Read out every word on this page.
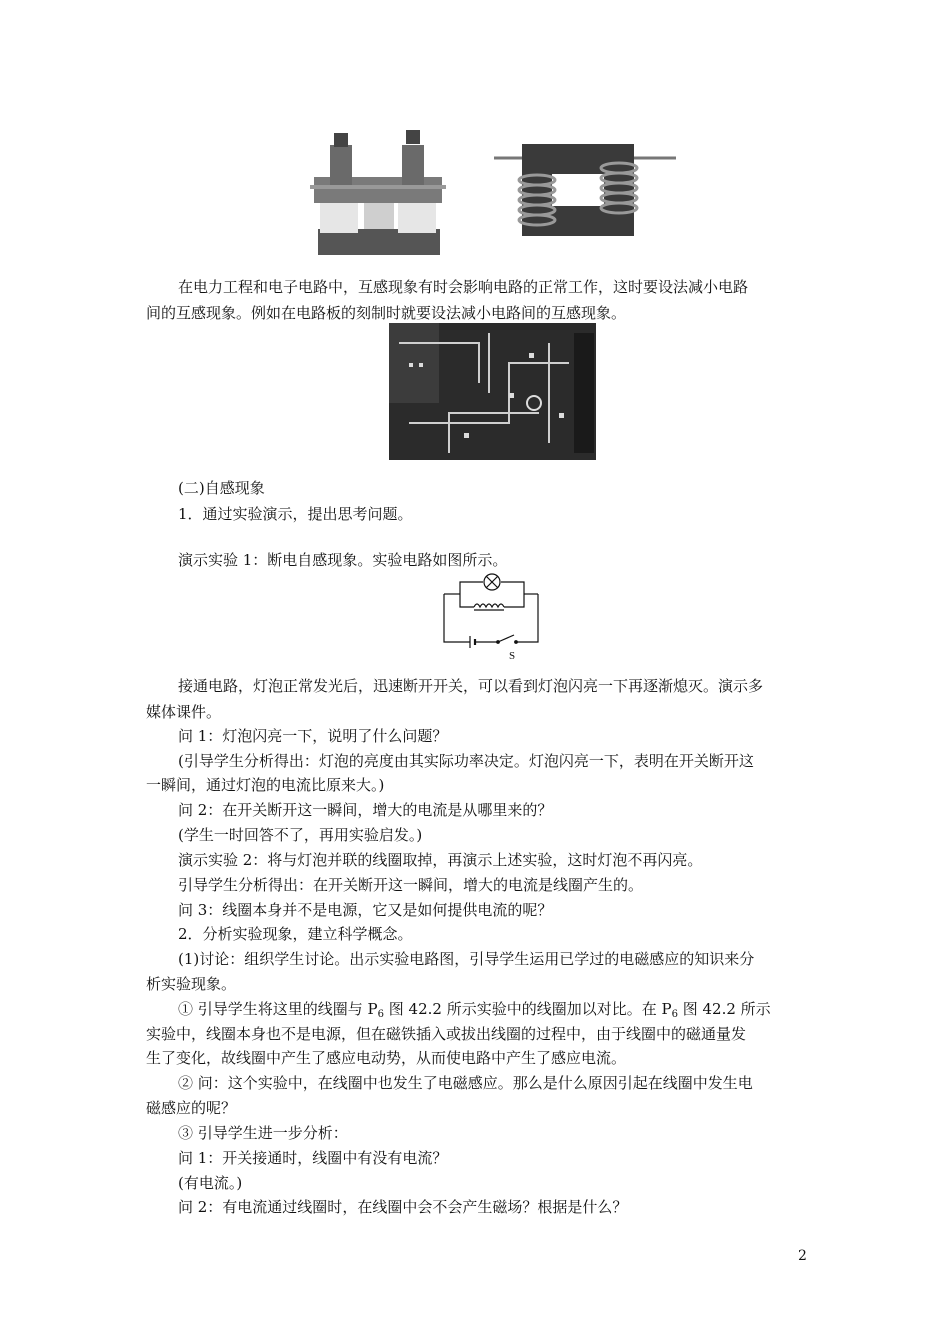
在电力工程和电子电路中，互感现象有时会影响电路的正常工作，这时要设法减小电路
间的互感现象。例如在电路板的刻制时就要设法减小电路间的互感现象。
(二)自感现象
1．通过实验演示，提出思考问题。
演示实验 1：断电自感现象。实验电路如图所示。
S
接通电路，灯泡正常发光后，迅速断开开关，可以看到灯泡闪亮一下再逐渐熄灭。演示多
媒体课件。
问 1：灯泡闪亮一下，说明了什么问题？
(引导学生分析得出：灯泡的亮度由其实际功率决定。灯泡闪亮一下，表明在开关断开这
一瞬间，通过灯泡的电流比原来大。)
问 2：在开关断开这一瞬间，增大的电流是从哪里来的？
(学生一时回答不了，再用实验启发。)
演示实验 2：将与灯泡并联的线圈取掉，再演示上述实验，这时灯泡不再闪亮。
引导学生分析得出：在开关断开这一瞬间，增大的电流是线圈产生的。
问 3：线圈本身并不是电源，它又是如何提供电流的呢？
2．分析实验现象，建立科学概念。
(1)讨论：组织学生讨论。出示实验电路图，引导学生运用已学过的电磁感应的知识来分
析实验现象。
① 引导学生将这里的线圈与 $P_6$ 图 42.2 所示实验中的线圈加以对比。在 $P_6$ 图 42.2 所示
实验中，线圈本身也不是电源，但在磁铁插入或拔出线圈的过程中，由于线圈中的磁通量发
生了变化，故线圈中产生了感应电动势，从而使电路中产生了感应电流。
② 问：这个实验中，在线圈中也发生了电磁感应。那么是什么原因引起在线圈中发生电
磁感应的呢？
③ 引导学生进一步分析：
问 1：开关接通时，线圈中有没有电流？
(有电流。)
问 2：有电流通过线圈时，在线圈中会不会产生磁场？根据是什么？
2
